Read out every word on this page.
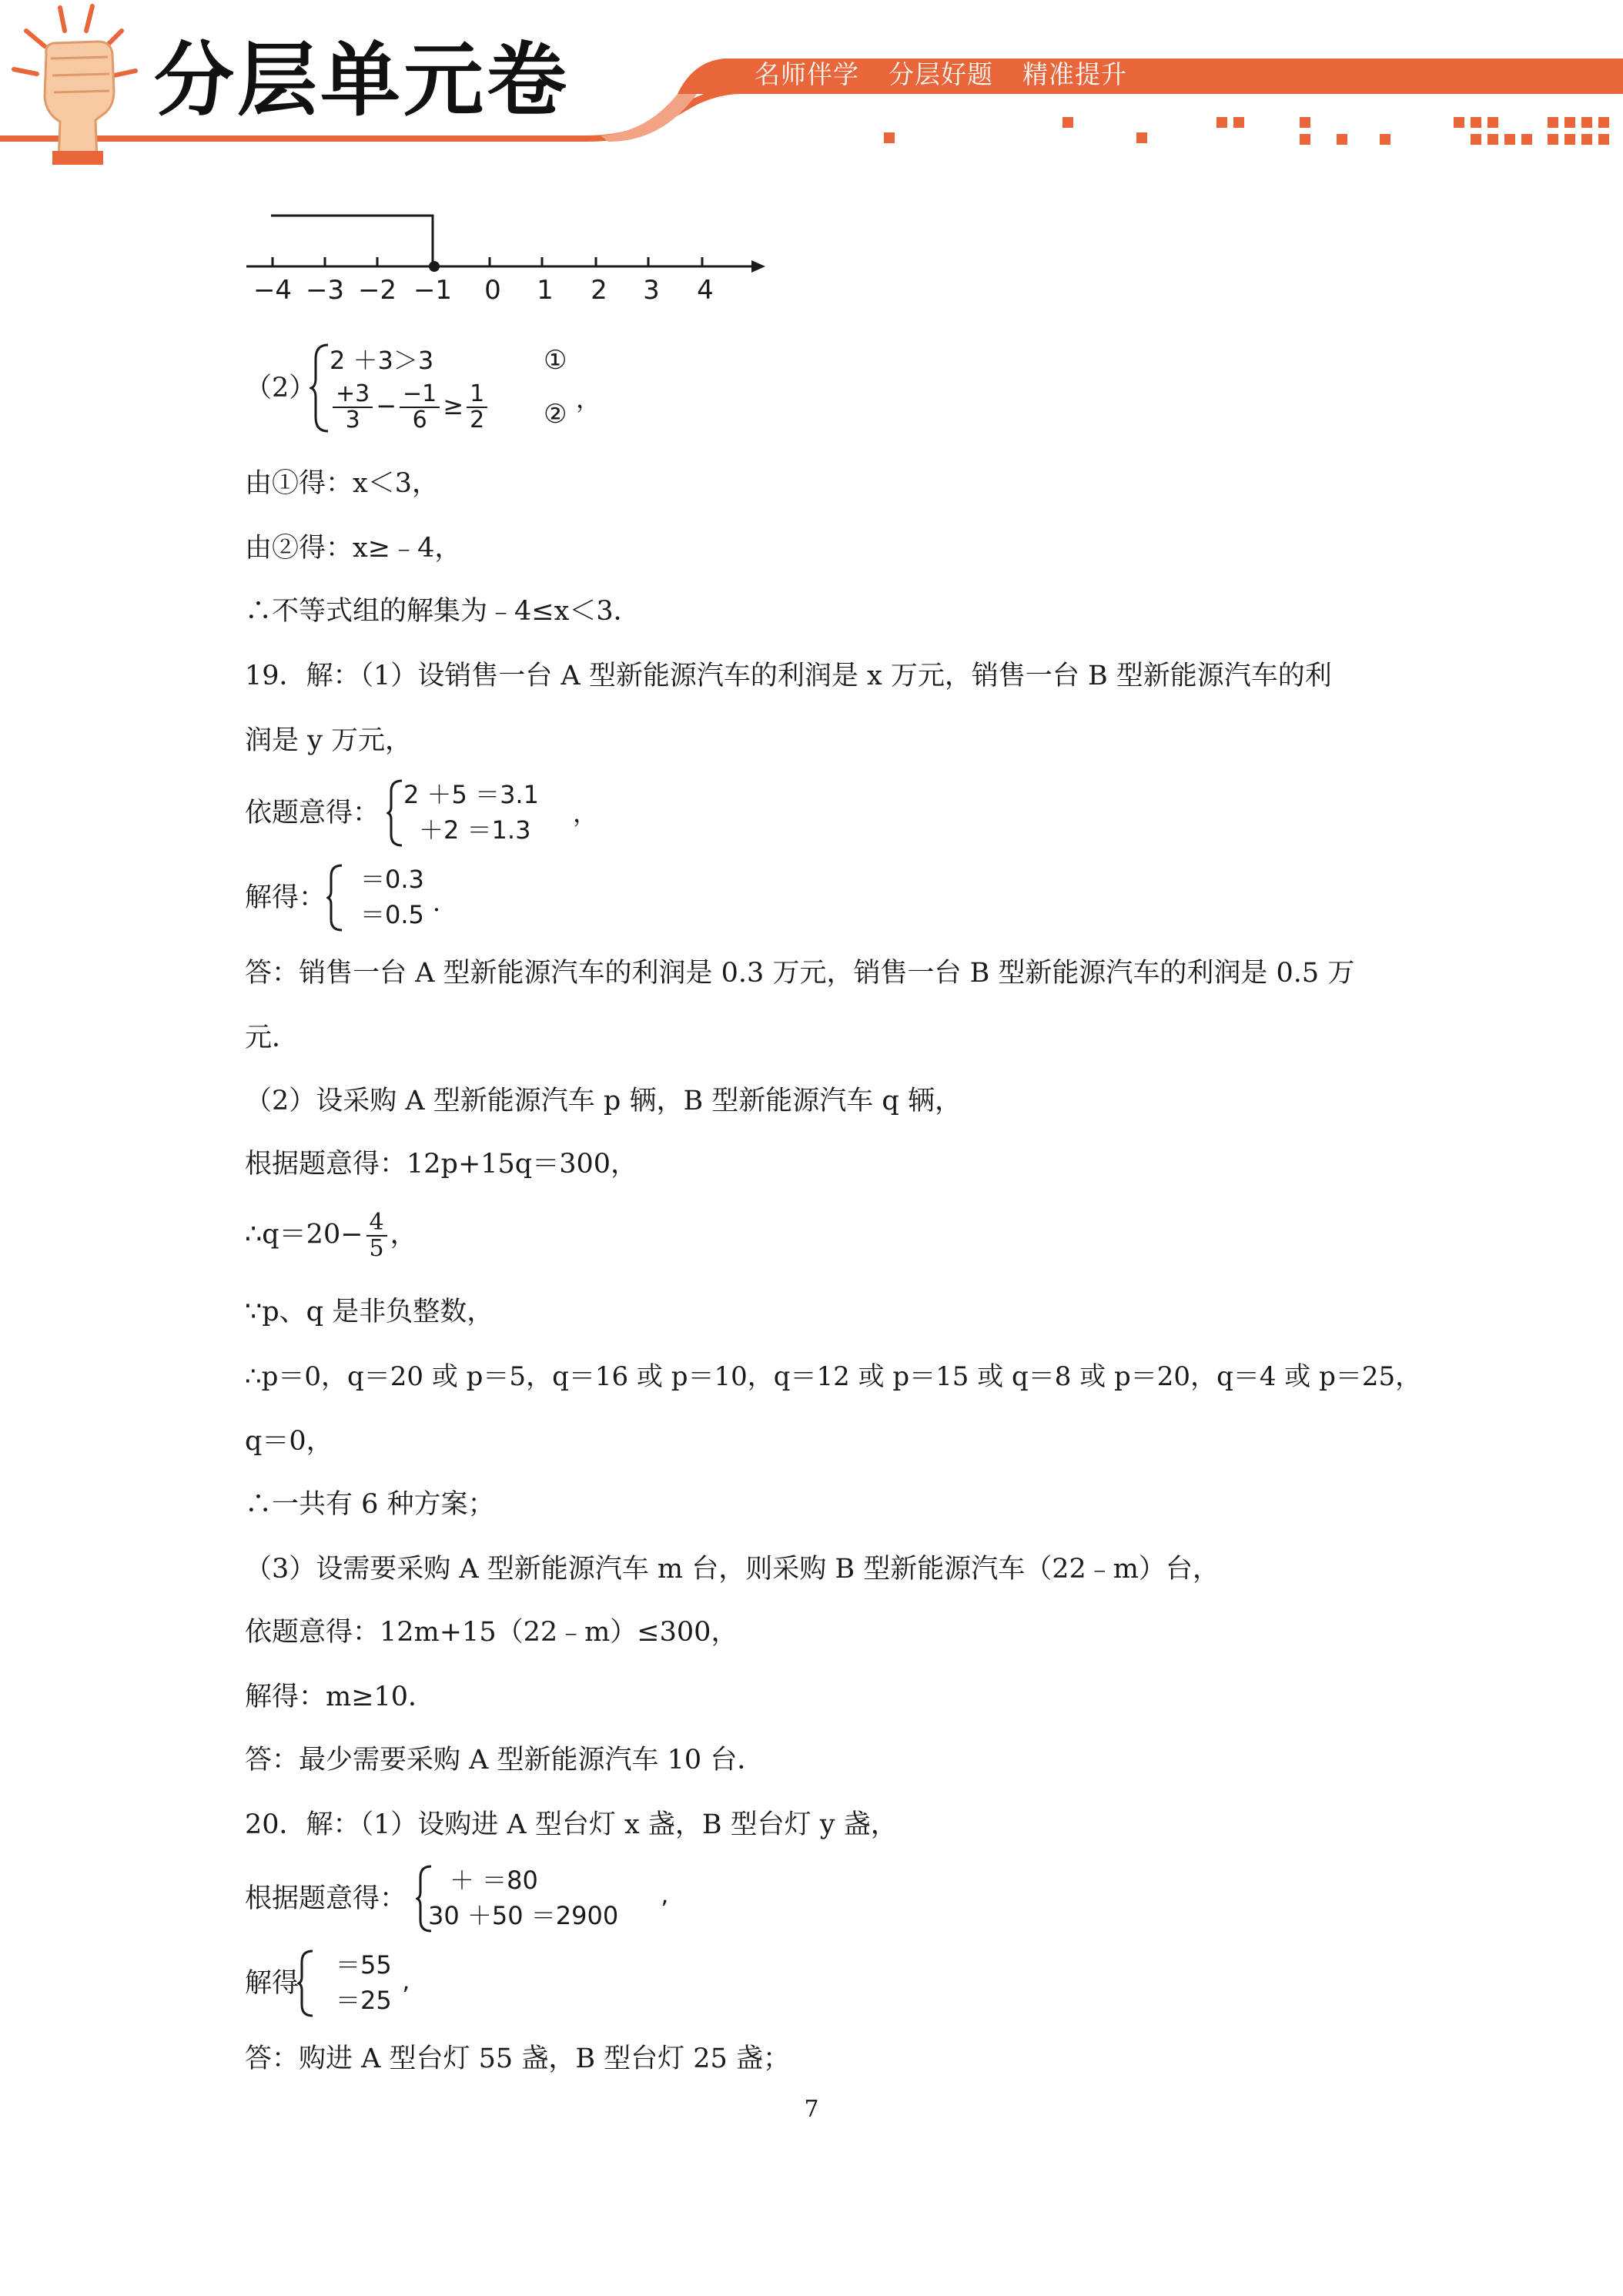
分层单元卷	名师伴学 分层好题 精准提升
−4 −3 −2 −1 0 1 2 3 4
（2）
2 ＋3＞3	①
$\frac{+3}{3} - \frac{-1}{6} \ge \frac{1}{2}$ ② ，
由①得：x＜3，
由②得：x≥﹣4，
∴不等式组的解集为﹣4≤x＜3．
19．解：（1）设销售一台 A 型新能源汽车的利润是 x 万元，销售一台 B 型新能源汽车的利
润是 y 万元，
依题意得：
2 ＋5 ＝3.1
＋2 ＝1.3
，
解得：
＝0.3
＝0.5 ．
答：销售一台 A 型新能源汽车的利润是 0.3 万元，销售一台 B 型新能源汽车的利润是 0.5 万
元．
（2）设采购 A 型新能源汽车 p 辆，B 型新能源汽车 q 辆，
根据题意得：12p+15q＝300，
∴q＝20− $\frac{4}{5}$ ，
∵p、q 是非负整数，
∴p＝0，q＝20 或 p＝5，q＝16 或 p＝10，q＝12 或 p＝15 或 q＝8 或 p＝20，q＝4 或 p＝25，
q＝0，
∴一共有 6 种方案；
（3）设需要采购 A 型新能源汽车 m 台，则采购 B 型新能源汽车（22﹣m）台，
依题意得：12m+15（22﹣m）≤300，
解得：m≥10．
答：最少需要采购 A 型新能源汽车 10 台．
20．解：（1）设购进 A 型台灯 x 盏，B 型台灯 y 盏，
根据题意得：
＋ ＝80
30 ＋50 ＝2900 ’
解得
＝55
＝25 ’
答：购进 A 型台灯 55 盏，B 型台灯 25 盏；
7
